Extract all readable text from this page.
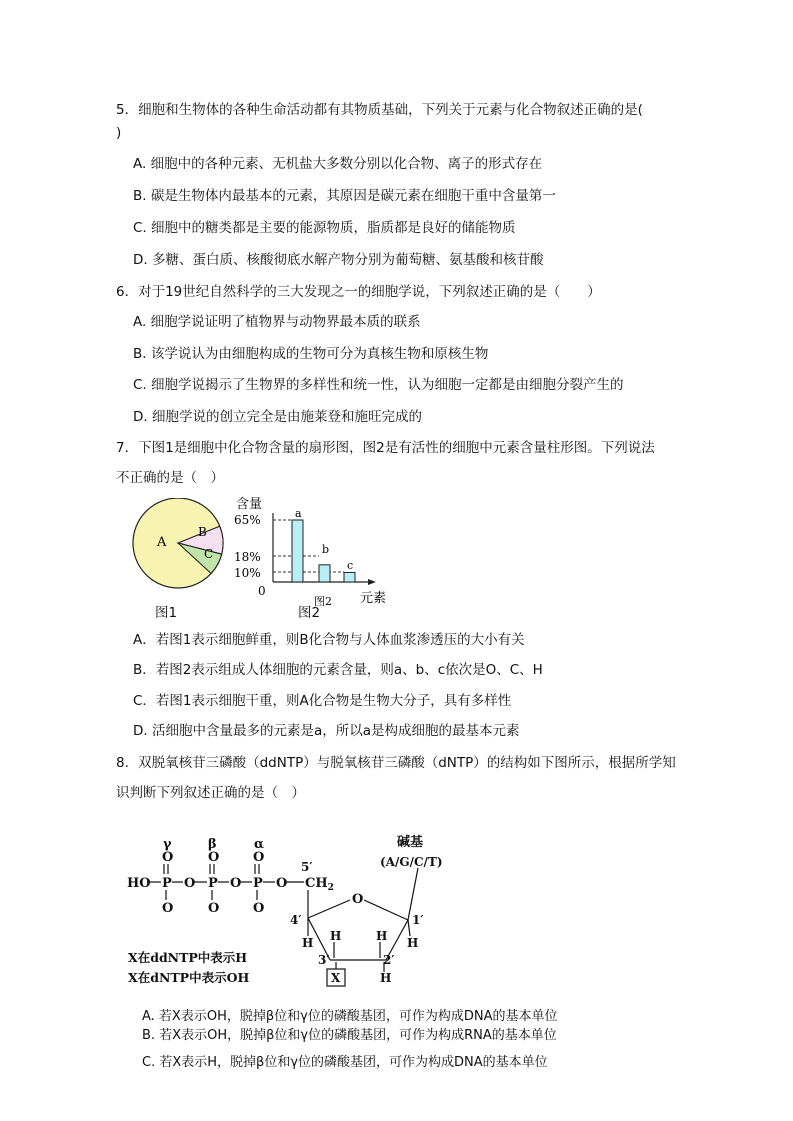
5．细胞和生物体的各种生命活动都有其物质基础，下列关于元素与化合物叙述正确的是(
)
A. 细胞中的各种元素、无机盐大多数分别以化合物、离子的形式存在
B. 碳是生物体内最基本的元素，其原因是碳元素在细胞干重中含量第一
C. 细胞中的糖类都是主要的能源物质，脂质都是良好的储能物质
D. 多糖、蛋白质、核酸彻底水解产物分别为葡萄糖、氨基酸和核苷酸
6．对于19世纪自然科学的三大发现之一的细胞学说，下列叙述正确的是（　　）
A. 细胞学说证明了植物界与动物界最本质的联系
B. 该学说认为由细胞构成的生物可分为真核生物和原核生物
C. 细胞学说揭示了生物界的多样性和统一性，认为细胞一定都是由细胞分裂产生的
D. 细胞学说的创立完全是由施莱登和施旺完成的
7．下图1是细胞中化合物含量的扇形图，图2是有活性的细胞中元素含量柱形图。下列说法
不正确的是（　）
A
B
C
图1
含量
65%
18%
10%
0
a
b
c
元素
图2
图2
A．若图1表示细胞鲜重，则B化合物与人体血浆渗透压的大小有关
B．若图2表示组成人体细胞的元素含量，则a、b、c依次是O、C、H
C．若图1表示细胞干重，则A化合物是生物大分子，具有多样性
D. 活细胞中含量最多的元素是a，所以a是构成细胞的最基本元素
8．双脱氧核苷三磷酸（ddNTP）与脱氧核苷三磷酸（dNTP）的结构如下图所示，根据所学知
识判断下列叙述正确的是（　）
γ	β	α
O	O	O
HO P O P O P O $CH_2$
O	O	O
5′
O
4′	1′
H	H
H	H
3′	2′
H
X
碱基
(A/G/C/T)
X在ddNTP中表示H
X在dNTP中表示OH
A. 若X表示OH，脱掉β位和γ位的磷酸基团，可作为构成DNA的基本单位
B. 若X表示OH，脱掉β位和γ位的磷酸基团，可作为构成RNA的基本单位
C. 若X表示H，脱掉β位和γ位的磷酸基团，可作为构成DNA的基本单位
